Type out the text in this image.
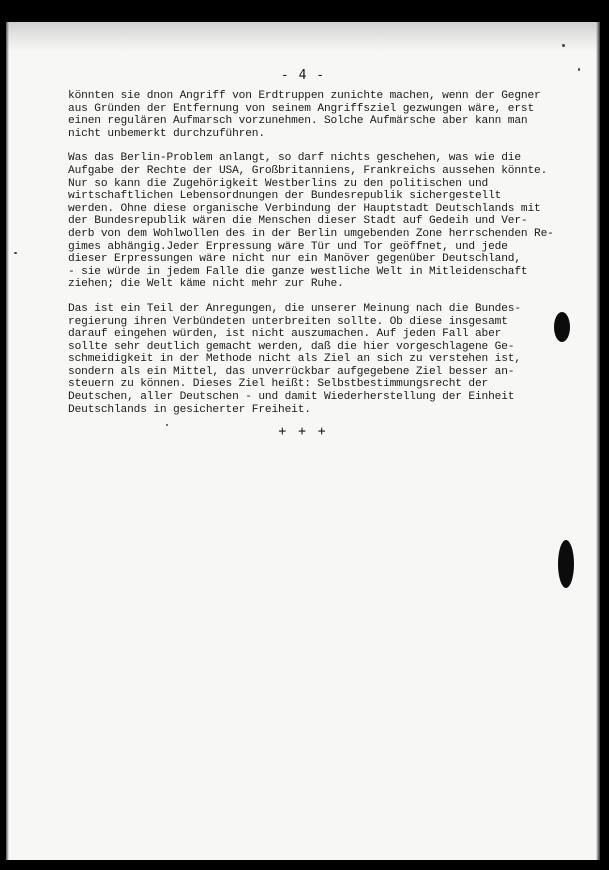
- 4 -
könnten sie dnon Angriff von Erdtruppen zunichte machen, wenn der Gegner
aus Gründen der Entfernung von seinem Angriffsziel gezwungen wäre, erst
einen regulären Aufmarsch vorzunehmen. Solche Aufmärsche aber kann man
nicht unbemerkt durchzuführen.
Was das Berlin-Problem anlangt, so darf nichts geschehen, was wie die
Aufgabe der Rechte der USA, Großbritanniens, Frankreichs aussehen könnte.
Nur so kann die Zugehörigkeit Westberlins zu den politischen und
wirtschaftlichen Lebensordnungen der Bundesrepublik sichergestellt
werden. Ohne diese organische Verbindung der Hauptstadt Deutschlands mit
der Bundesrepublik wären die Menschen dieser Stadt auf Gedeih und Ver-
derb von dem Wohlwollen des in der Berlin umgebenden Zone herrschenden Re-
gimes abhängig.Jeder Erpressung wäre Tür und Tor geöffnet, und jede
dieser Erpressungen wäre nicht nur ein Manöver gegenüber Deutschland,
- sie würde in jedem Falle die ganze westliche Welt in Mitleidenschaft
ziehen; die Welt käme nicht mehr zur Ruhe.
Das ist ein Teil der Anregungen, die unserer Meinung nach die Bundes-
regierung ihren Verbündeten unterbreiten sollte. Ob diese insgesamt
darauf eingehen würden, ist nicht auszumachen. Auf jeden Fall aber
sollte sehr deutlich gemacht werden, daß die hier vorgeschlagene Ge-
schmeidigkeit in der Methode nicht als Ziel an sich zu verstehen ist,
sondern als ein Mittel, das unverrückbar aufgegebene Ziel besser an-
steuern zu können. Dieses Ziel heißt: Selbstbestimmungsrecht der
Deutschen, aller Deutschen - und damit Wiederherstellung der Einheit
Deutschlands in gesicherter Freiheit.
+ + +
